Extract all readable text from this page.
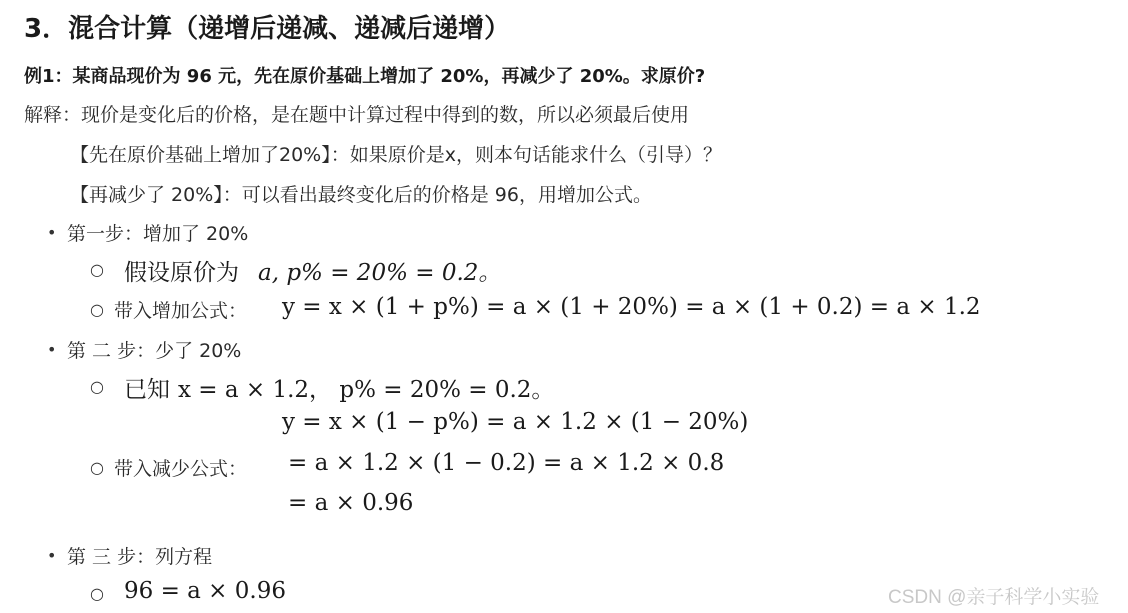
3．混合计算（递增后递减、递减后递增）
例1：某商品现价为 96 元，先在原价基础上增加了 20%，再减少了 20%。求原价?
解释：现价是变化后的价格，是在题中计算过程中得到的数，所以必须最后使用
【先在原价基础上增加了20%】：如果原价是x，则本句话能求什么（引导）？
【再减少了 20%】：可以看出最终变化后的价格是 96，用增加公式。
• 第一步：增加了 20%
○ 假设原价为 a, p% = 20% = 0.2。
○ 带入增加公式： y = x × (1 + p%) = a × (1 + 20%) = a × (1 + 0.2) = a × 1.2
• 第 二 步：少了 20%
○ 已知 x = a × 1.2， p% = 20% = 0.2。
y = x × (1 − p%) = a × 1.2 × (1 − 20%)
○ 带入减少公式： = a × 1.2 × (1 − 0.2) = a × 1.2 × 0.8
= a × 0.96
• 第 三 步：列方程
○ 96 = a × 0.96	CSDN @亲子科学小实验
